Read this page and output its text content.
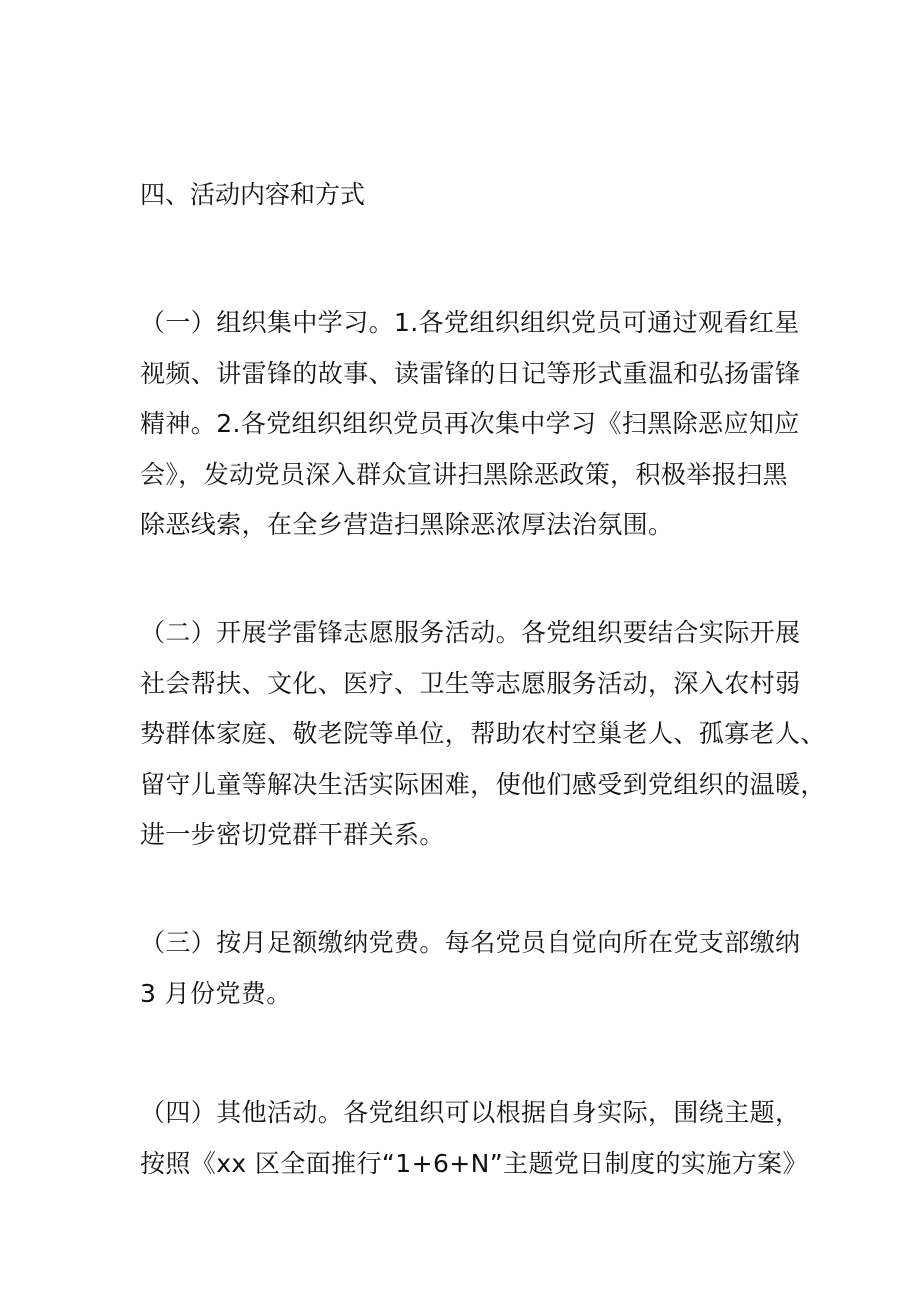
四、活动内容和方式
（一）组织集中学习。1.各党组织组织党员可通过观看红星
视频、讲雷锋的故事、读雷锋的日记等形式重温和弘扬雷锋
精神。2.各党组织组织党员再次集中学习《扫黑除恶应知应
会》，发动党员深入群众宣讲扫黑除恶政策，积极举报扫黑
除恶线索，在全乡营造扫黑除恶浓厚法治氛围。
（二）开展学雷锋志愿服务活动。各党组织要结合实际开展
社会帮扶、文化、医疗、卫生等志愿服务活动，深入农村弱
势群体家庭、敬老院等单位，帮助农村空巢老人、孤寡老人、
留守儿童等解决生活实际困难，使他们感受到党组织的温暖，
进一步密切党群干群关系。
（三）按月足额缴纳党费。每名党员自觉向所在党支部缴纳
3 月份党费。
（四）其他活动。各党组织可以根据自身实际，围绕主题，
按照《xx 区全面推行“1+6+N”主题党日制度的实施方案》
